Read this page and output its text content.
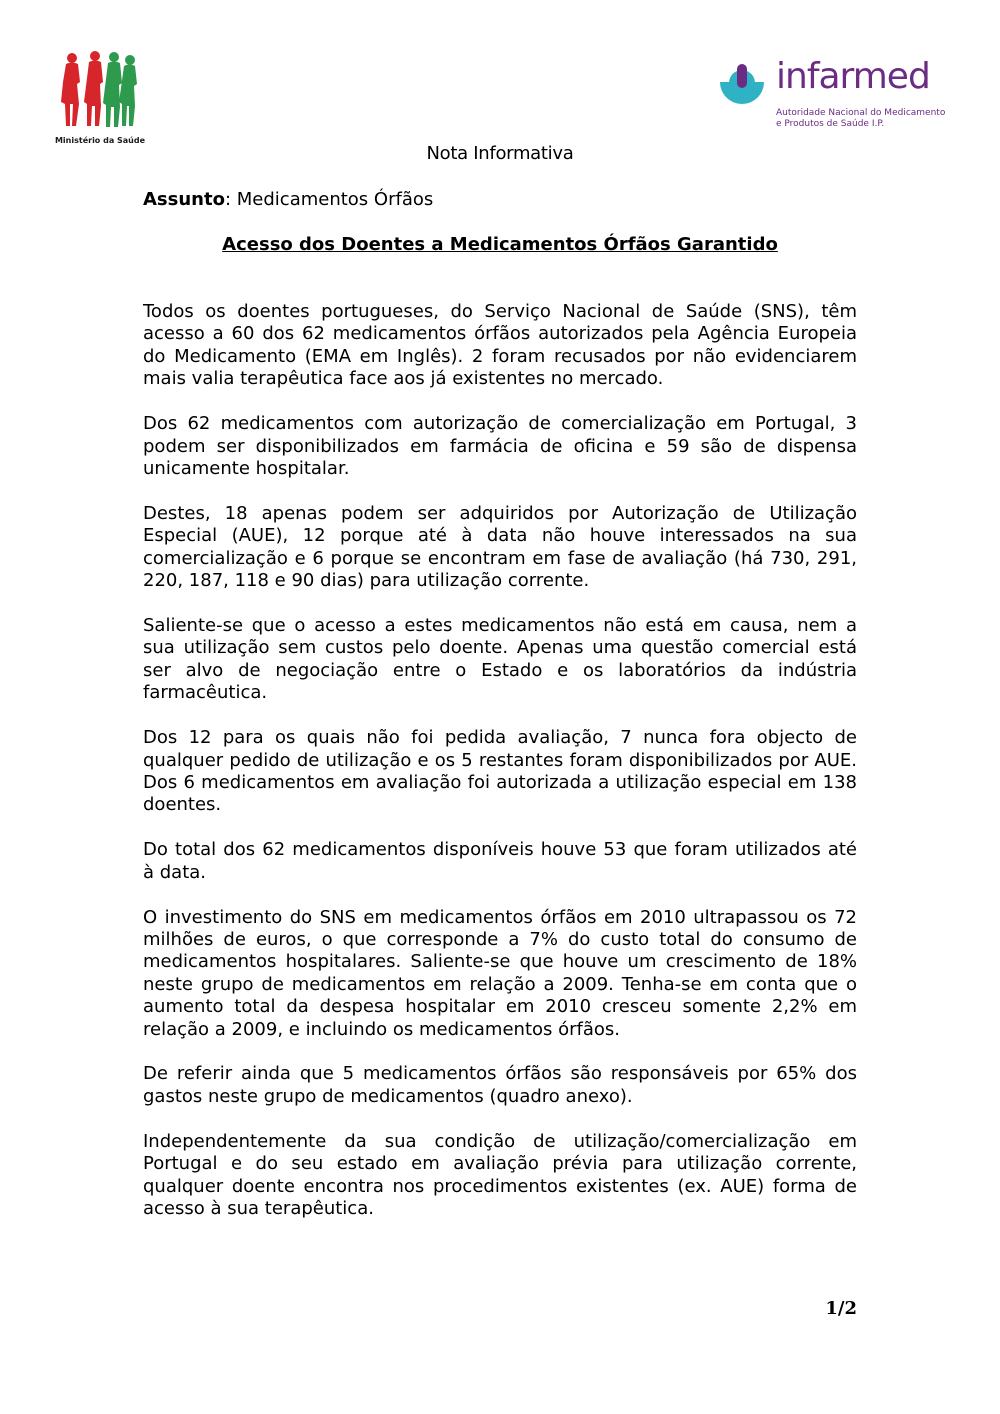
Ministério da Saúde
infarmed
Autoridade Nacional do Medicamento
e Produtos de Saúde I.P.
Nota Informativa
Assunto: Medicamentos Órfãos
Acesso dos Doentes a Medicamentos Órfãos Garantido

Todos os doentes portugueses, do Serviço Nacional de Saúde (SNS), têm acesso a 60 dos 62 medicamentos órfãos autorizados pela Agência Europeia do Medicamento (EMA em Inglês). 2 foram recusados por não evidenciarem mais valia terapêutica face aos já existentes no mercado.

Dos 62 medicamentos com autorização de comercialização em Portugal, 3 podem ser disponibilizados em farmácia de oficina e 59 são de dispensa unicamente hospitalar.

Destes, 18 apenas podem ser adquiridos por Autorização de Utilização Especial (AUE), 12 porque até à data não houve interessados na sua comercialização e 6 porque se encontram em fase de avaliação (há 730, 291, 220, 187, 118 e 90 dias) para utilização corrente.

Saliente-se que o acesso a estes medicamentos não está em causa, nem a sua utilização sem custos pelo doente. Apenas uma questão comercial está ser alvo de negociação entre o Estado e os laboratórios da indústria farmacêutica.

Dos 12 para os quais não foi pedida avaliação, 7 nunca fora objecto de qualquer pedido de utilização e os 5 restantes foram disponibilizados por AUE. Dos 6 medicamentos em avaliação foi autorizada a utilização especial em 138 doentes.

Do total dos 62 medicamentos disponíveis houve 53 que foram utilizados até à data.

O investimento do SNS em medicamentos órfãos em 2010 ultrapassou os 72 milhões de euros, o que corresponde a 7% do custo total do consumo de medicamentos hospitalares. Saliente-se que houve um crescimento de 18% neste grupo de medicamentos em relação a 2009. Tenha-se em conta que o aumento total da despesa hospitalar em 2010 cresceu somente 2,2% em relação a 2009, e incluindo os medicamentos órfãos.

De referir ainda que 5 medicamentos órfãos são responsáveis por 65% dos gastos neste grupo de medicamentos (quadro anexo).

Independentemente da sua condição de utilização/comercialização em Portugal e do seu estado em avaliação prévia para utilização corrente, qualquer doente encontra nos procedimentos existentes (ex. AUE) forma de acesso à sua terapêutica.

1/2
